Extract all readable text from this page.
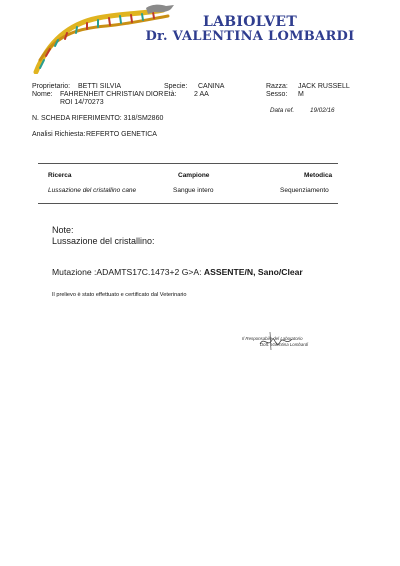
LABIOLVET
Dr. VALENTINA LOMBARDI
Proprietario: BETTI SILVIA	Specie: CANINA	Razza: JACK RUSSELL
Nome: FAHRENHEIT CHRISTIAN DIOR Età:	2 AA	Sesso: M
ROI 14/70273
Data ref.	19/02/16
N. SCHEDA RIFERIMENTO: 318/SM2860
Analisi Richiesta: REFERTO GENETICA
Ricerca	Campione	Metodica
Lussazione del cristallino cane	Sangue intero	Sequenziamento
Note:
Lussazione del cristallino:
Mutazione :ADAMTS17C.1473+2 G>A: ASSENTE/N, Sano/Clear
Il prelievo è stato effettuato e certificato dal Veterinario
Il Responsabile del Laboratorio
Dott. Valentina Lombardi
